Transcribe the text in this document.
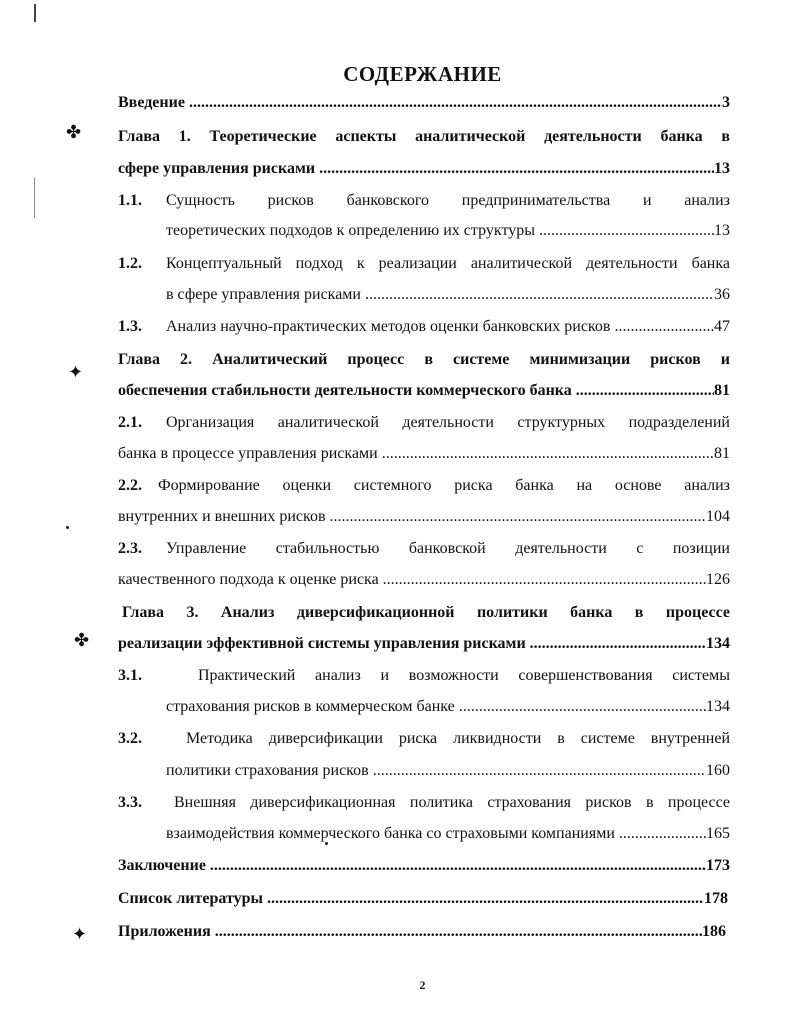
✤
✦
✤
✦
СОДЕРЖАНИЕ
Введение .....	3
Глава 1. Теоретические аспекты аналитической деятельности банка в
сфере управления рисками .....	13
1.1. Сущность рисков банковского предпринимательства и анализ
теоретических подходов к определению их структуры .....	13
1.2. Концептуальный подход к реализации аналитической деятельности банка
в сфере управления рисками .....	36
1.3. Анализ научно-практических методов оценки банковских рисков .....	47
Глава 2. Аналитический процесс в системе минимизации рисков и
обеспечения стабильности деятельности коммерческого банка .....	81
2.1. Организация аналитической деятельности структурных подразделений
банка в процессе управления рисками .....	81
2.2. Формирование оценки системного риска банка на основе анализ
внутренних и внешних рисков .....	104
2.3. Управление стабильностью банковской деятельности с позиции
качественного подхода к оценке риска .....	126
Глава 3. Анализ диверсификационной политики банка в процессе
реализации эффективной системы управления рисками .....	134
3.1.	Практический анализ и возможности совершенствования системы
страхования рисков в коммерческом банке .....	134
3.2.	Методика диверсификации риска ликвидности в системе внутренней
политики страхования рисков .....	160
3.3. Внешняя диверсификационная политика страхования рисков в процессе
взаимодействия коммерческого банка со страховыми компаниями .....	165
Заключение .....	173
Список литературы .....	178
Приложения .....	186
2
